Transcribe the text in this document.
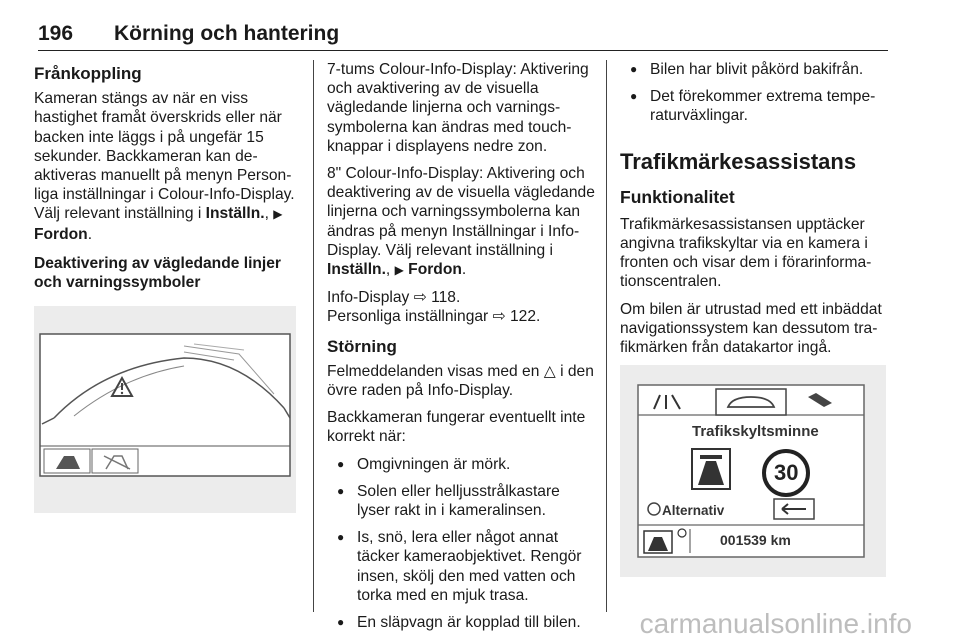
196 Körning och hantering
Frånkoppling

Kameran stängs av när en viss hastighet framåt överskrids eller när backen inte läggs i på ungefär 15 sekunder. Backkameran kan deaktiveras manuellt på menyn Personliga inställningar i Colour-Info-Display. Välj relevant inställning i Inställn., ▶ Fordon.

Deaktivering av vägledande linjer och varningssymboler

7-tums Colour-Info-Display: Aktivering och avaktivering av de visuella vägledande linjerna och varningssymbolerna kan ändras med touchknappar i displayens nedre zon.

8" Colour-Info-Display: Aktivering och deaktivering av de visuella vägledande linjerna och varningssymbolerna kan ändras på menyn Inställningar i Info-Display. Välj relevant inställning i Inställn., ▶ Fordon.

Info-Display ⇨ 118.
Personliga inställningar ⇨ 122.

Störning

Felmeddelanden visas med en △ i den övre raden på Info-Display.

Backkameran fungerar eventuellt inte korrekt när:

● Omgivningen är mörk.
● Solen eller helljusstrålkastare lyser rakt in i kameralinsen.
● Is, snö, lera eller något annat täcker kameraobjektivet. Rengör insen, skölj den med vatten och torka med en mjuk trasa.
● En släpvagn är kopplad till bilen.
● Bilen har blivit påkörd bakifrån.
● Det förekommer extrema temperaturväxlingar.
Trafikmärkesassistans
Funktionalitet

Trafikmärkesassistansen upptäcker angivna trafikskyltar via en kamera i fronten och visar dem i förarinformationscentralen.

Om bilen är utrustad med ett inbäddat navigationssystem kan dessutom trafikmärken från datakartor ingå.

Trafikskyltsminne
30
Alternativ
001539 km
carmanualsonline.info
